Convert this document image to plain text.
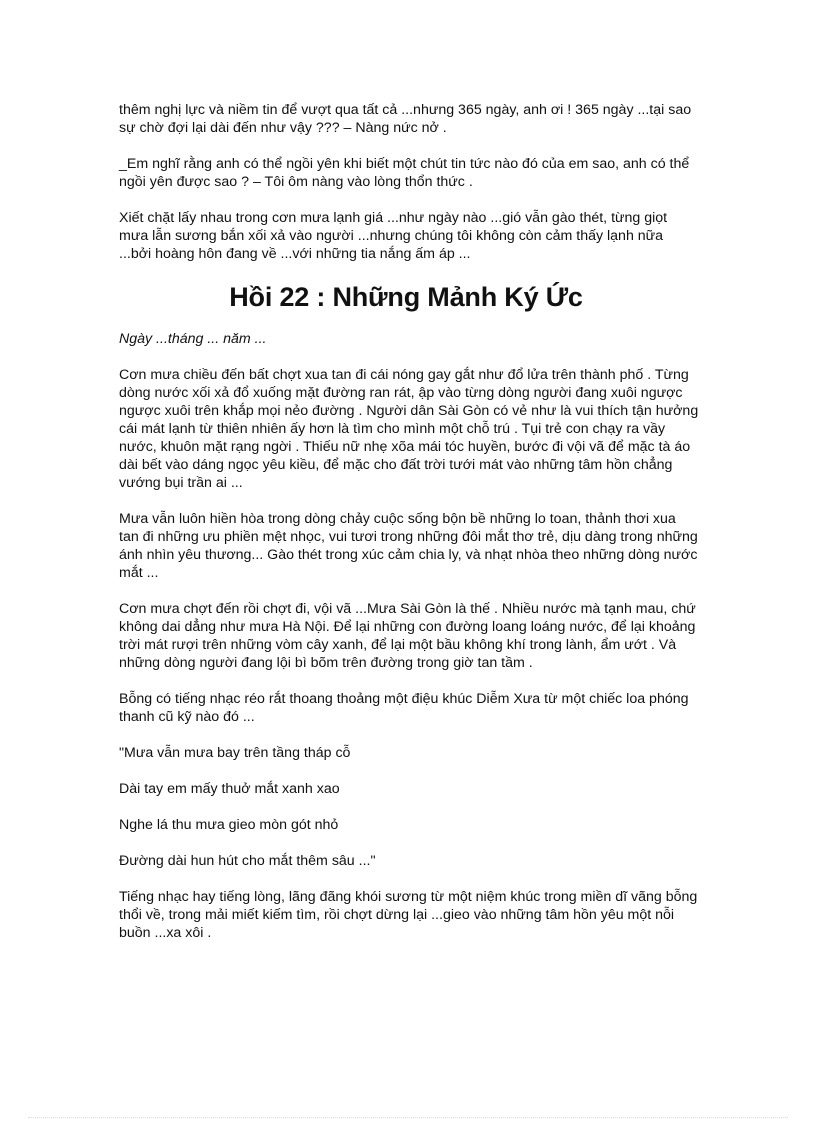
thêm nghị lực và niềm tin để vượt qua tất cả ...nhưng 365 ngày, anh ơi ! 365 ngày ...tại sao sự chờ đợi lại dài đến như vậy ??? – Nàng nức nở .

_Em nghĩ rằng anh có thể ngồi yên khi biết một chút tin tức nào đó của em sao, anh có thể ngồi yên được sao ? – Tôi ôm nàng vào lòng thổn thức .

Xiết chặt lấy nhau trong cơn mưa lạnh giá ...như ngày nào ...gió vẫn gào thét, từng giọt mưa lẫn sương bắn xối xả vào người ...nhưng chúng tôi không còn cảm thấy lạnh nữa ...bởi hoàng hôn đang về ...với những tia nắng ấm áp ...

Hồi 22 : Những Mảnh Ký Ức

Ngày ...tháng ... năm ...

Cơn mưa chiều đến bất chợt xua tan đi cái nóng gay gắt như đổ lửa trên thành phố . Từng dòng nước xối xả đổ xuống mặt đường ran rát, ập vào từng dòng người đang xuôi ngược ngược xuôi trên khắp mọi nẻo đường . Người dân Sài Gòn có vẻ như là vui thích tận hưởng cái mát lạnh từ thiên nhiên ấy hơn là tìm cho mình một chỗ trú . Tụi trẻ con chạy ra vầy nước, khuôn mặt rạng ngời . Thiếu nữ nhẹ xõa mái tóc huyền, bước đi vội vã để mặc tà áo dài bết vào dáng ngọc yêu kiều, để mặc cho đất trời tưới mát vào những tâm hồn chẳng vướng bụi trần ai ...

Mưa vẫn luôn hiền hòa trong dòng chảy cuộc sống bộn bề những lo toan, thảnh thơi xua tan đi những ưu phiền mệt nhọc, vui tươi trong những đôi mắt thơ trẻ, dịu dàng trong những ánh nhìn yêu thương... Gào thét trong xúc cảm chia ly, và nhạt nhòa theo những dòng nước mắt ...

Cơn mưa chợt đến rồi chợt đi, vội vã ...Mưa Sài Gòn là thế . Nhiều nước mà tạnh mau, chứ không dai dẳng như mưa Hà Nội. Để lại những con đường loang loáng nước, để lại khoảng trời mát rượi trên những vòm cây xanh, để lại một bầu không khí trong lành, ẩm ướt . Và những dòng người đang lội bì bõm trên đường trong giờ tan tầm .

Bỗng có tiếng nhạc réo rắt thoang thoảng một điệu khúc Diễm Xưa từ một chiếc loa phóng thanh cũ kỹ nào đó ...

"Mưa vẫn mưa bay trên tầng tháp cỗ

Dài tay em mấy thuở mắt xanh xao

Nghe lá thu mưa gieo mòn gót nhỏ

Đường dài hun hút cho mắt thêm sâu ..."

Tiếng nhạc hay tiếng lòng, lãng đãng khói sương từ một niệm khúc trong miền dĩ vãng bỗng thổi về, trong mải miết kiếm tìm, rồi chợt dừng lại ...gieo vào những tâm hồn yêu một nỗi buồn ...xa xôi .
